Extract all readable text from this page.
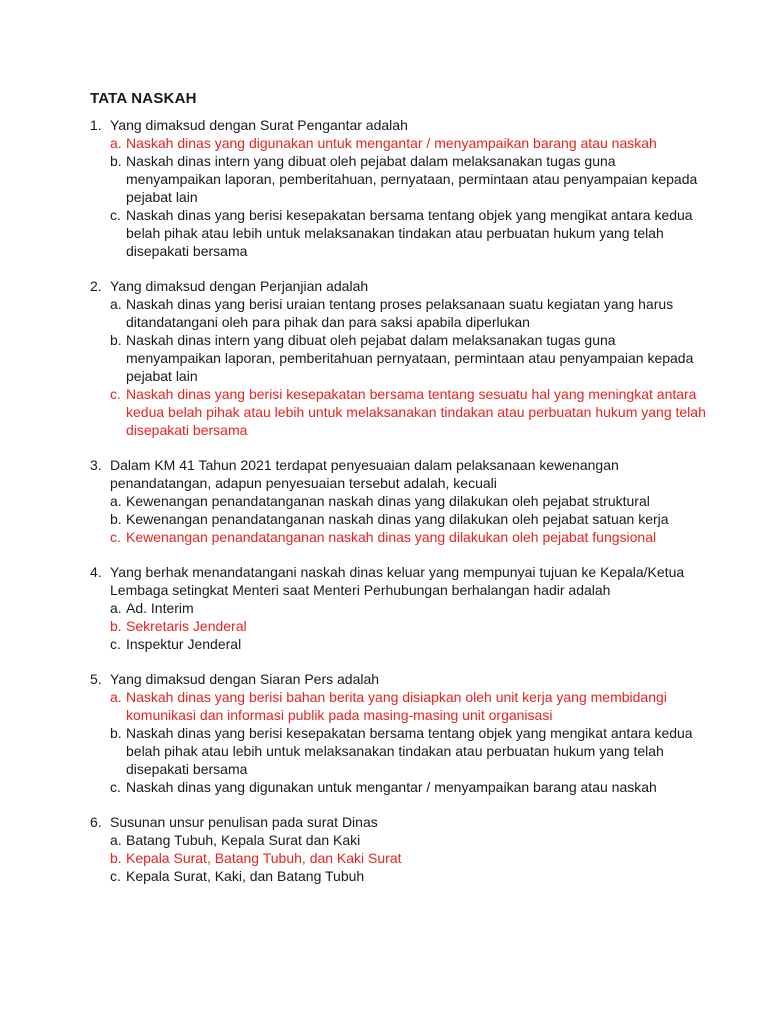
TATA NASKAH
1. Yang dimaksud dengan Surat Pengantar adalah
a. Naskah dinas yang digunakan untuk mengantar / menyampaikan barang atau naskah
b. Naskah dinas intern yang dibuat oleh pejabat dalam melaksanakan tugas guna menyampaikan laporan, pemberitahuan, pernyataan, permintaan atau penyampaian kepada pejabat lain
c. Naskah dinas yang berisi kesepakatan bersama tentang objek yang mengikat antara kedua belah pihak atau lebih untuk melaksanakan tindakan atau perbuatan hukum yang telah disepakati bersama
2. Yang dimaksud dengan Perjanjian adalah
a. Naskah dinas yang berisi uraian tentang proses pelaksanaan suatu kegiatan yang harus ditandatangani oleh para pihak dan para saksi apabila diperlukan
b. Naskah dinas intern yang dibuat oleh pejabat dalam melaksanakan tugas guna menyampaikan laporan, pemberitahuan pernyataan, permintaan atau penyampaian kepada pejabat lain
c. Naskah dinas yang berisi kesepakatan bersama tentang sesuatu hal yang meningkat antara kedua belah pihak atau lebih untuk melaksanakan tindakan atau perbuatan hukum yang telah disepakati bersama
3. Dalam KM 41 Tahun 2021 terdapat penyesuaian dalam pelaksanaan kewenangan penandatangan, adapun penyesuaian tersebut adalah, kecuali
a. Kewenangan penandatanganan naskah dinas yang dilakukan oleh pejabat struktural
b. Kewenangan penandatanganan naskah dinas yang dilakukan oleh pejabat satuan kerja
c. Kewenangan penandatanganan naskah dinas yang dilakukan oleh pejabat fungsional
4. Yang berhak menandatangani naskah dinas keluar yang mempunyai tujuan ke Kepala/Ketua Lembaga setingkat Menteri saat Menteri Perhubungan berhalangan hadir adalah
a. Ad. Interim
b. Sekretaris Jenderal
c. Inspektur Jenderal
5. Yang dimaksud dengan Siaran Pers adalah
a. Naskah dinas yang berisi bahan berita yang disiapkan oleh unit kerja yang membidangi komunikasi dan informasi publik pada masing-masing unit organisasi
b. Naskah dinas yang berisi kesepakatan bersama tentang objek yang mengikat antara kedua belah pihak atau lebih untuk melaksanakan tindakan atau perbuatan hukum yang telah disepakati bersama
c. Naskah dinas yang digunakan untuk mengantar / menyampaikan barang atau naskah
6. Susunan unsur penulisan pada surat Dinas
a. Batang Tubuh, Kepala Surat dan Kaki
b. Kepala Surat, Batang Tubuh, dan Kaki Surat
c. Kepala Surat, Kaki, dan Batang Tubuh
